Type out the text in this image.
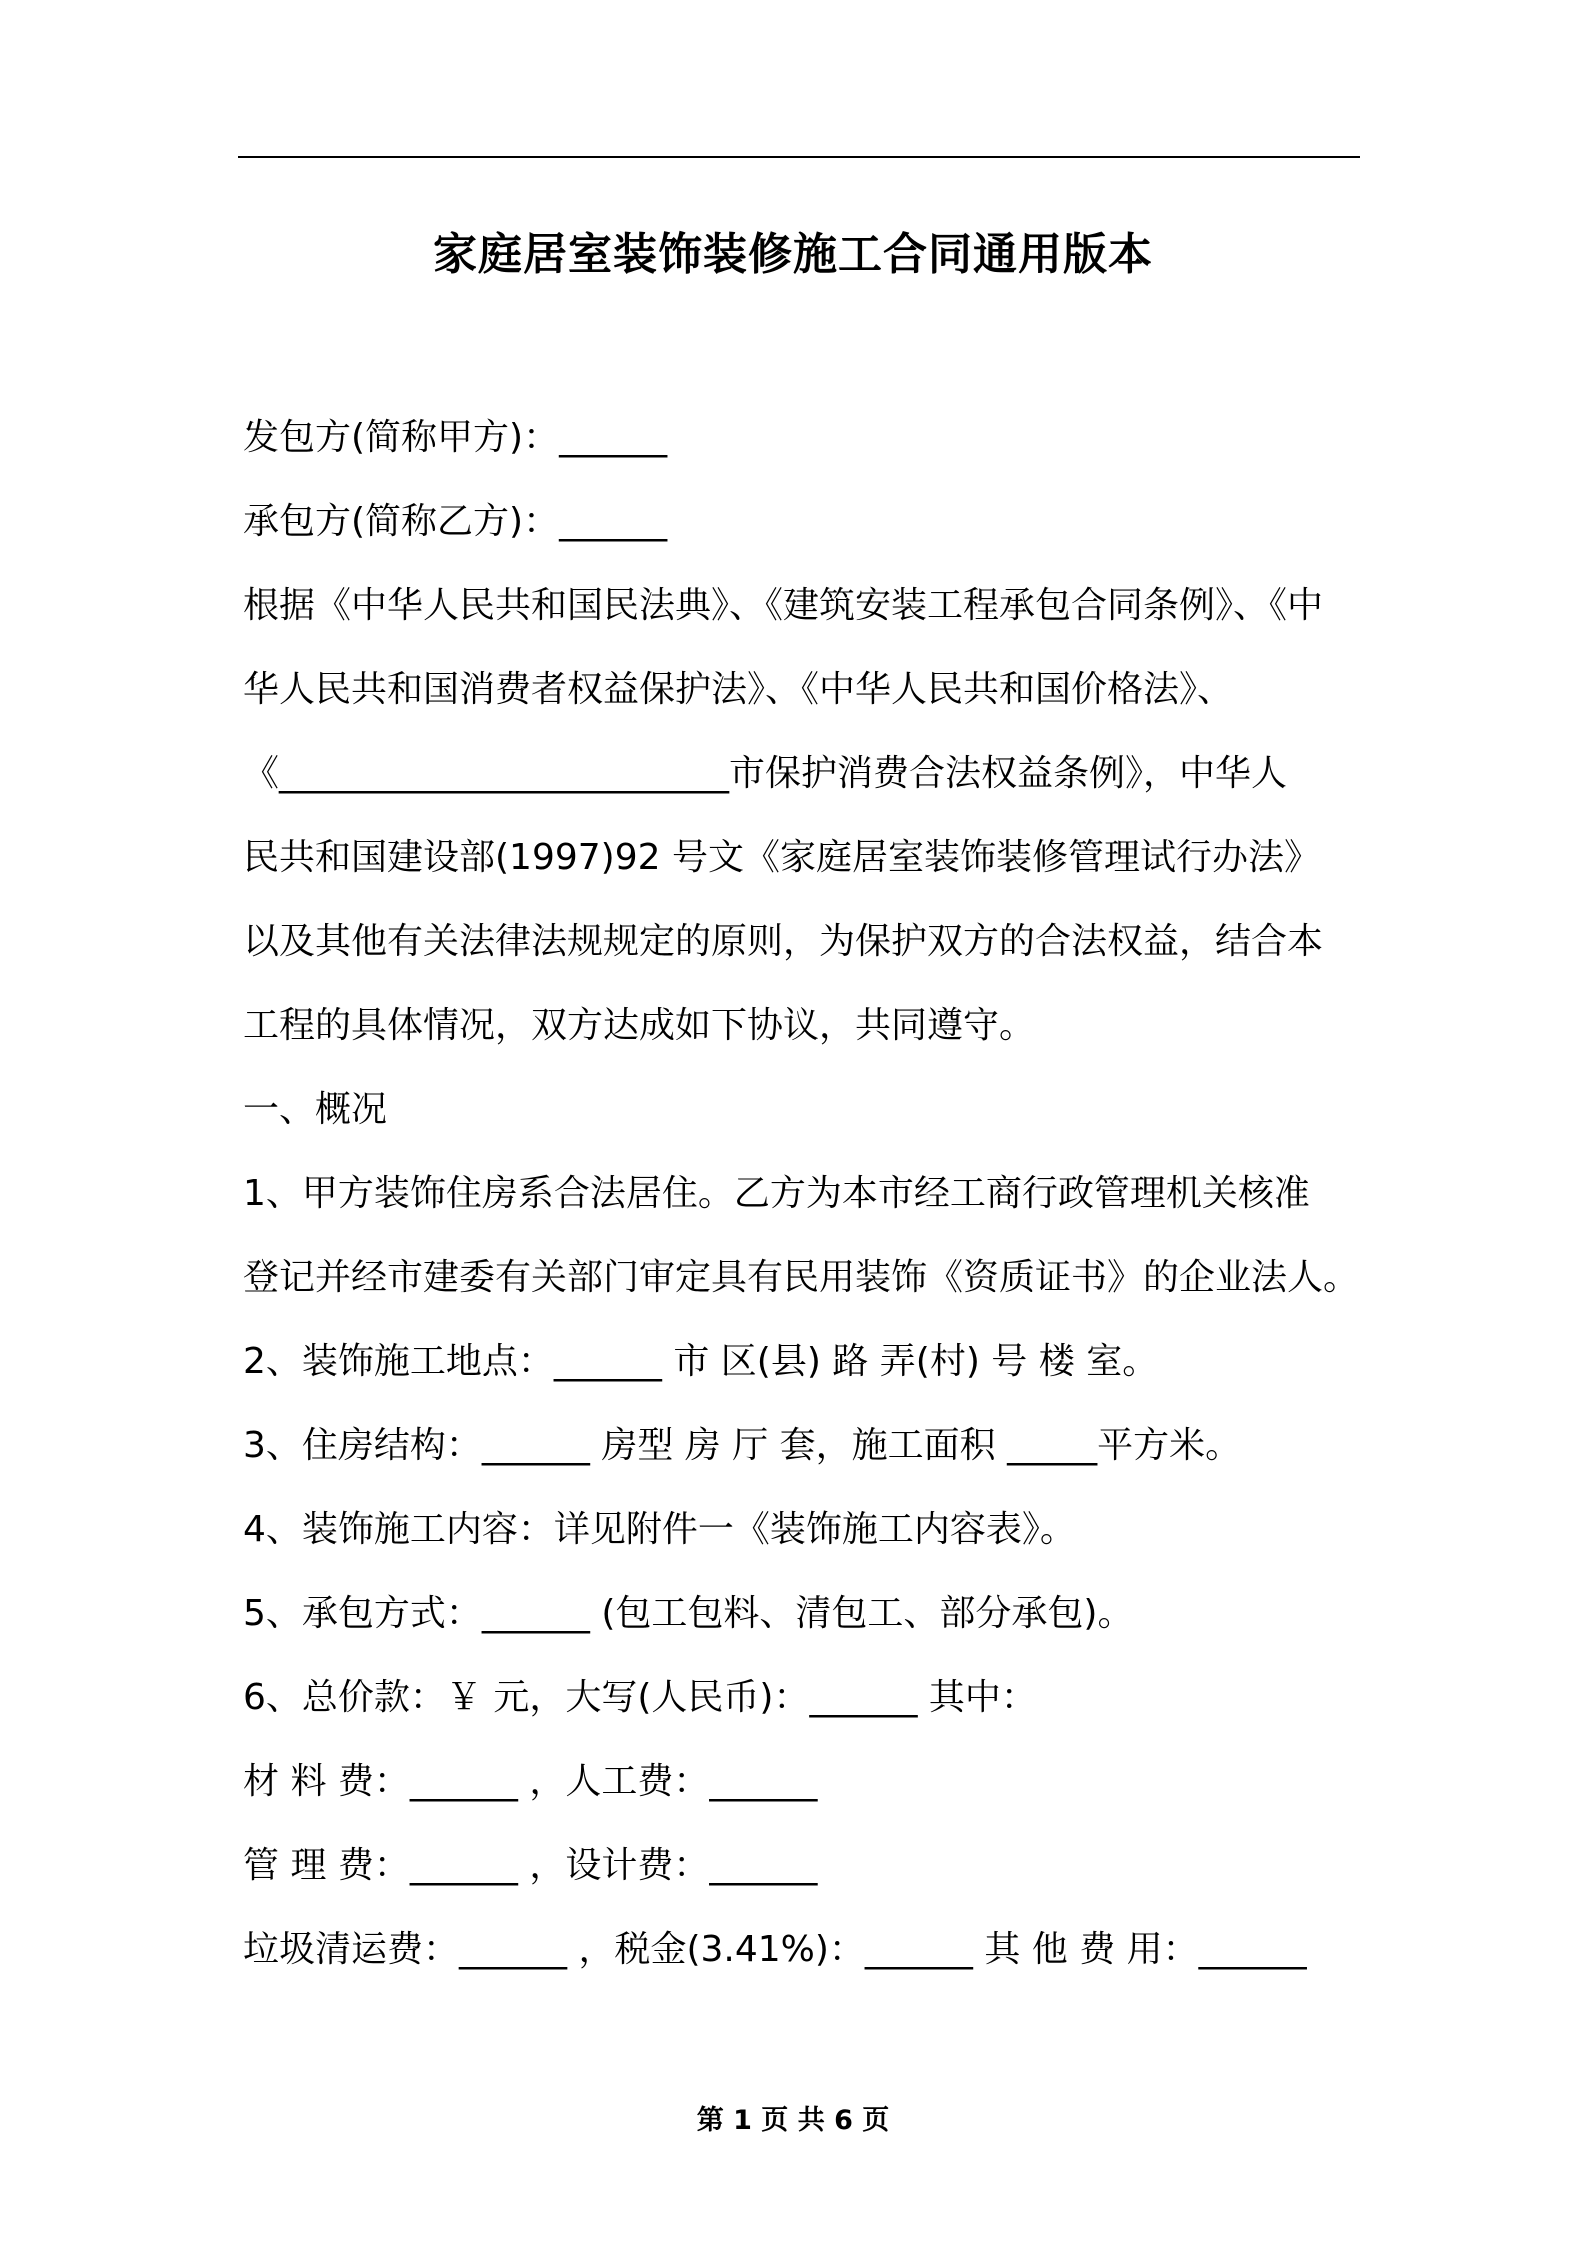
家庭居室装饰装修施工合同通用版本
发包方(简称甲方)：______
承包方(简称乙方)：______
根据《中华人民共和国民法典》、《建筑安装工程承包合同条例》、《中
华人民共和国消费者权益保护法》、《中华人民共和国价格法》、
《_________________________市保护消费合法权益条例》，中华人
民共和国建设部(1997)92 号文《家庭居室装饰装修管理试行办法》
以及其他有关法律法规规定的原则，为保护双方的合法权益，结合本
工程的具体情况，双方达成如下协议，共同遵守。
一、概况
1、甲方装饰住房系合法居住。乙方为本市经工商行政管理机关核准
登记并经市建委有关部门审定具有民用装饰《资质证书》的企业法人。
2、装饰施工地点：______ 市 区(县) 路 弄(村) 号 楼 室。
3、住房结构：______ 房型 房 厅 套，施工面积 _____平方米。
4、装饰施工内容：详见附件一《装饰施工内容表》。
5、承包方式：______ (包工包料、清包工、部分承包)。
6、总价款：￥ 元，大写(人民币)：______ 其中：
材 料 费：______ ，人工费：______
管 理 费：______ ，设计费：______
垃圾清运费：______ ，税金(3.41%)：______ 其 他 费 用：______
第 1 页 共 6 页
